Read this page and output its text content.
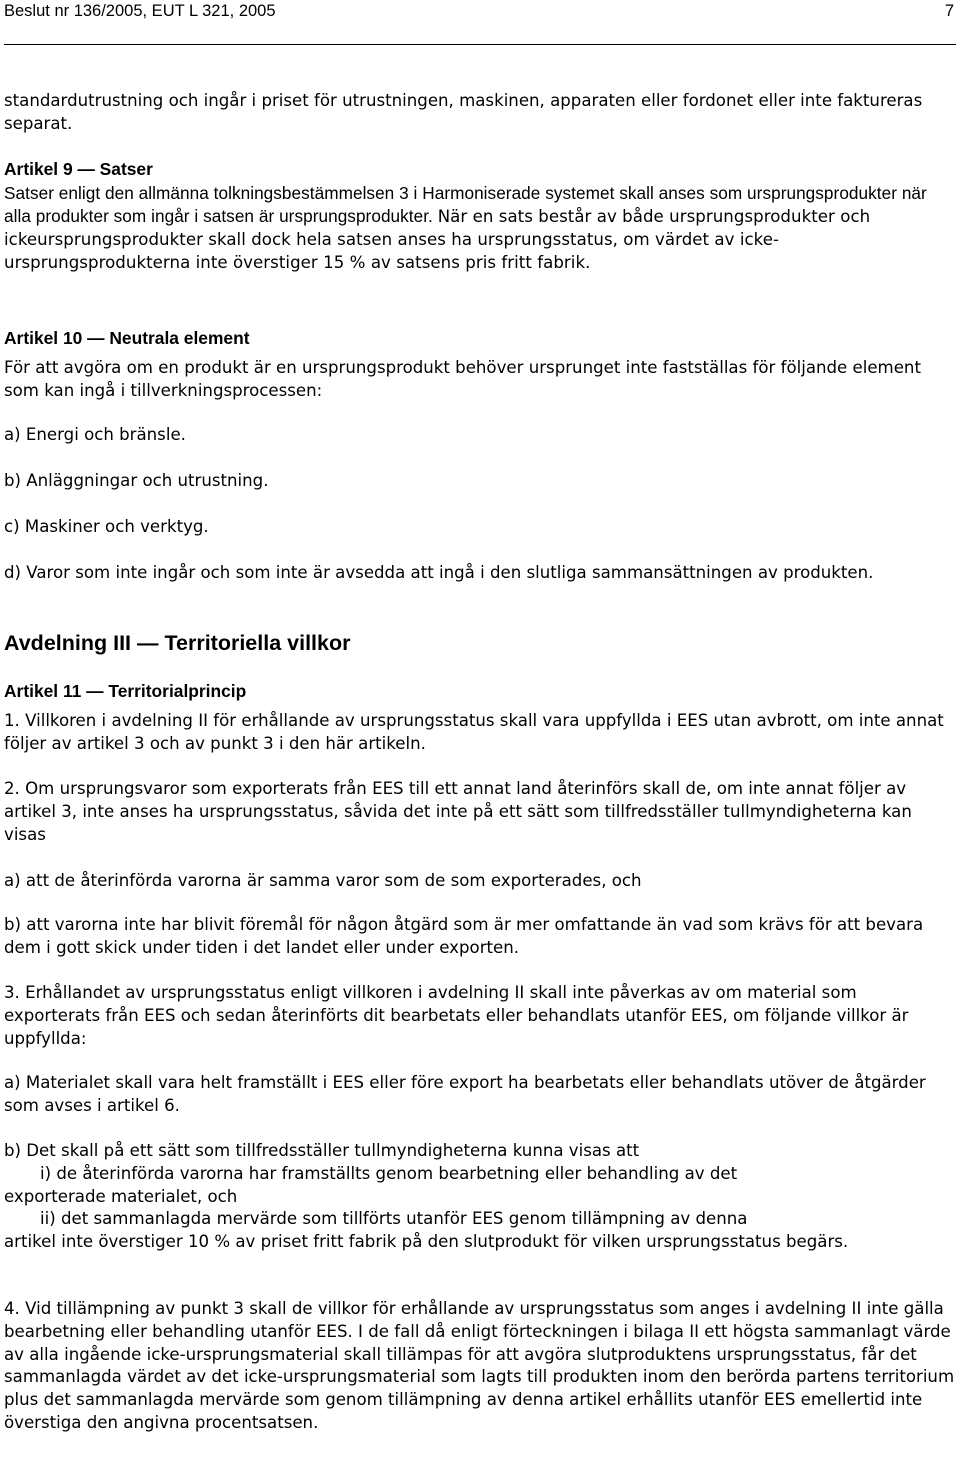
Beslut nr 136/2005, EUT L 321, 2005	7

standardutrustning och ingår i priset för utrustningen, maskinen, apparaten eller fordonet eller inte faktureras separat.

Artikel 9 — Satser

Satser enligt den allmänna tolkningsbestämmelsen 3 i Harmoniserade systemet skall anses som ursprungsprodukter när alla produkter som ingår i satsen är ursprungsprodukter. När en sats består av både ursprungsprodukter och ickeursprungsprodukter skall dock hela satsen anses ha ursprungsstatus, om värdet av icke-ursprungsprodukterna inte överstiger 15 % av satsens pris fritt fabrik.

Artikel 10 — Neutrala element

För att avgöra om en produkt är en ursprungsprodukt behöver ursprunget inte fastställas för följande element som kan ingå i tillverkningsprocessen:

a) Energi och bränsle.

b) Anläggningar och utrustning.

c) Maskiner och verktyg.

d) Varor som inte ingår och som inte är avsedda att ingå i den slutliga sammansättningen av produkten.

Avdelning III — Territoriella villkor
Artikel 11 — Territorialprincip

1. Villkoren i avdelning II för erhållande av ursprungsstatus skall vara uppfyllda i EES utan avbrott, om inte annat följer av artikel 3 och av punkt 3 i den här artikeln.

2. Om ursprungsvaror som exporterats från EES till ett annat land återinförs skall de, om inte annat följer av artikel 3, inte anses ha ursprungsstatus, såvida det inte på ett sätt som tillfredsställer tullmyndigheterna kan visas

a) att de återinförda varorna är samma varor som de som exporterades, och

b) att varorna inte har blivit föremål för någon åtgärd som är mer omfattande än vad som krävs för att bevara dem i gott skick under tiden i det landet eller under exporten.

3. Erhållandet av ursprungsstatus enligt villkoren i avdelning II skall inte påverkas av om material som exporterats från EES och sedan återinförts dit bearbetats eller behandlats utanför EES, om följande villkor är uppfyllda:

a) Materialet skall vara helt framställt i EES eller före export ha bearbetats eller behandlats utöver de åtgärder som avses i artikel 6.

b) Det skall på ett sätt som tillfredsställer tullmyndigheterna kunna visas att
i) de återinförda varorna har framställts genom bearbetning eller behandling av det
exporterade materialet, och
ii) det sammanlagda mervärde som tillförts utanför EES genom tillämpning av denna
artikel inte överstiger 10 % av priset fritt fabrik på den slutprodukt för vilken ursprungsstatus begärs.

4. Vid tillämpning av punkt 3 skall de villkor för erhållande av ursprungsstatus som anges i avdelning II inte gälla bearbetning eller behandling utanför EES. I de fall då enligt förteckningen i bilaga II ett högsta sammanlagt värde av alla ingående icke-ursprungsmaterial skall tillämpas för att avgöra slutproduktens ursprungsstatus, får det sammanlagda värdet av det icke-ursprungsmaterial som lagts till produkten inom den berörda partens territorium plus det sammanlagda mervärde som genom tillämpning av denna artikel erhållits utanför EES emellertid inte överstiga den angivna procentsatsen.
